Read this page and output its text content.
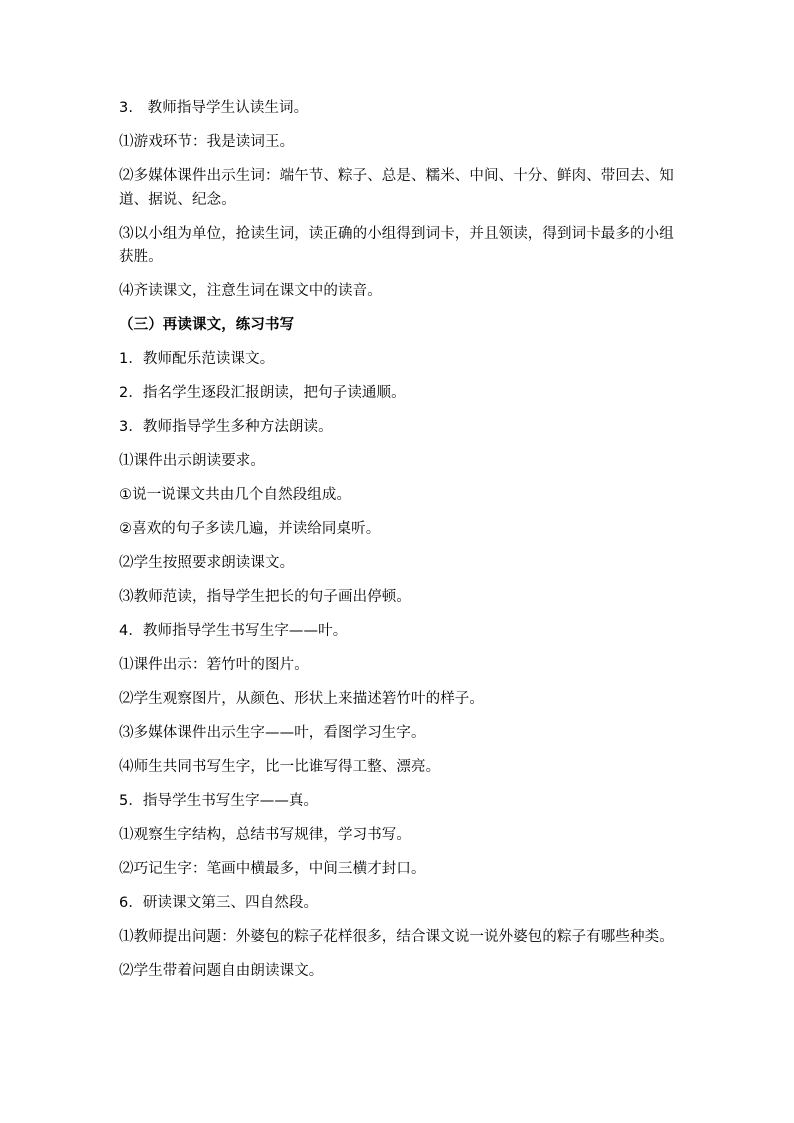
3.　教师指导学生认读生词。

⑴游戏环节：我是读词王。

⑵多媒体课件出示生词：端午节、粽子、总是、糯米、中间、十分、鲜肉、带回去、知道、据说、纪念。

⑶以小组为单位，抢读生词，读正确的小组得到词卡，并且领读，得到词卡最多的小组获胜。

⑷齐读课文，注意生词在课文中的读音。

（三）再读课文，练习书写

1．教师配乐范读课文。

2．指名学生逐段汇报朗读，把句子读通顺。

3．教师指导学生多种方法朗读。

⑴课件出示朗读要求。

①说一说课文共由几个自然段组成。

②喜欢的句子多读几遍，并读给同桌听。

⑵学生按照要求朗读课文。

⑶教师范读，指导学生把长的句子画出停顿。

4．教师指导学生书写生字——叶。

⑴课件出示：箬竹叶的图片。

⑵学生观察图片，从颜色、形状上来描述箬竹叶的样子。

⑶多媒体课件出示生字——叶，看图学习生字。

⑷师生共同书写生字，比一比谁写得工整、漂亮。

5．指导学生书写生字——真。

⑴观察生字结构，总结书写规律，学习书写。

⑵巧记生字：笔画中横最多，中间三横才封口。

6．研读课文第三、四自然段。

⑴教师提出问题：外婆包的粽子花样很多，结合课文说一说外婆包的粽子有哪些种类。

⑵学生带着问题自由朗读课文。
